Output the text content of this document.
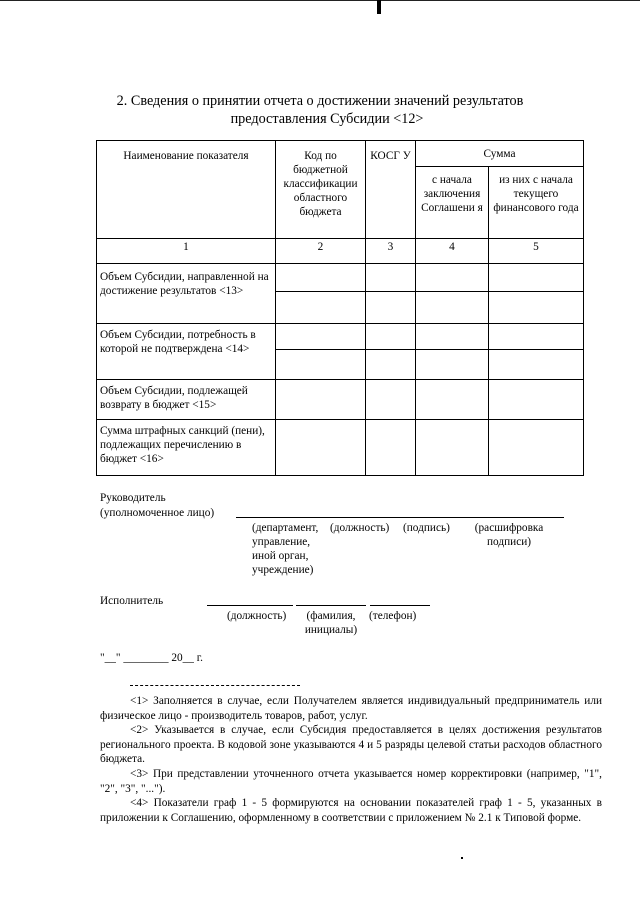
2. Сведения о принятии отчета о достижении значений результатов
предоставления Субсидии <12>
Наименование показателя	Код по бюджетной классификации областного бюджета	КОСГ У	Сумма	
			с начала заключения Соглашени я	из них с начала текущего финансового года
1	2	3	4	5
Объем Субсидии, направленной на достижение результатов <13>				

Объем Субсидии, потребность в которой не подтверждена <14>				

Объем Субсидии, подлежащей возврату в бюджет <15>				
Сумма штрафных санкций (пени), подлежащих перечислению в бюджет <16>				
Руководитель
(уполномоченное лицо)
(департамент, управление, иной орган, учреждение)
(должность) (подпись)	(расшифровка подписи)
Исполнитель
(должность)	(фамилия, инициалы)
(телефон)
"__" ________ 20__ г.

<1> Заполняется в случае, если Получателем является индивидуальный предприниматель или физическое лицо - производитель товаров, работ, услуг.

<2> Указывается в случае, если Субсидия предоставляется в целях достижения результатов регионального проекта. В кодовой зоне указываются 4 и 5 разряды целевой статьи расходов областного бюджета.

<3> При представлении уточненного отчета указывается номер корректировки (например, "1", "2", "3", "...").

<4> Показатели граф 1 - 5 формируются на основании показателей граф 1 - 5, указанных в приложении к Соглашению, оформленному в соответствии с приложением № 2.1 к Типовой форме.
